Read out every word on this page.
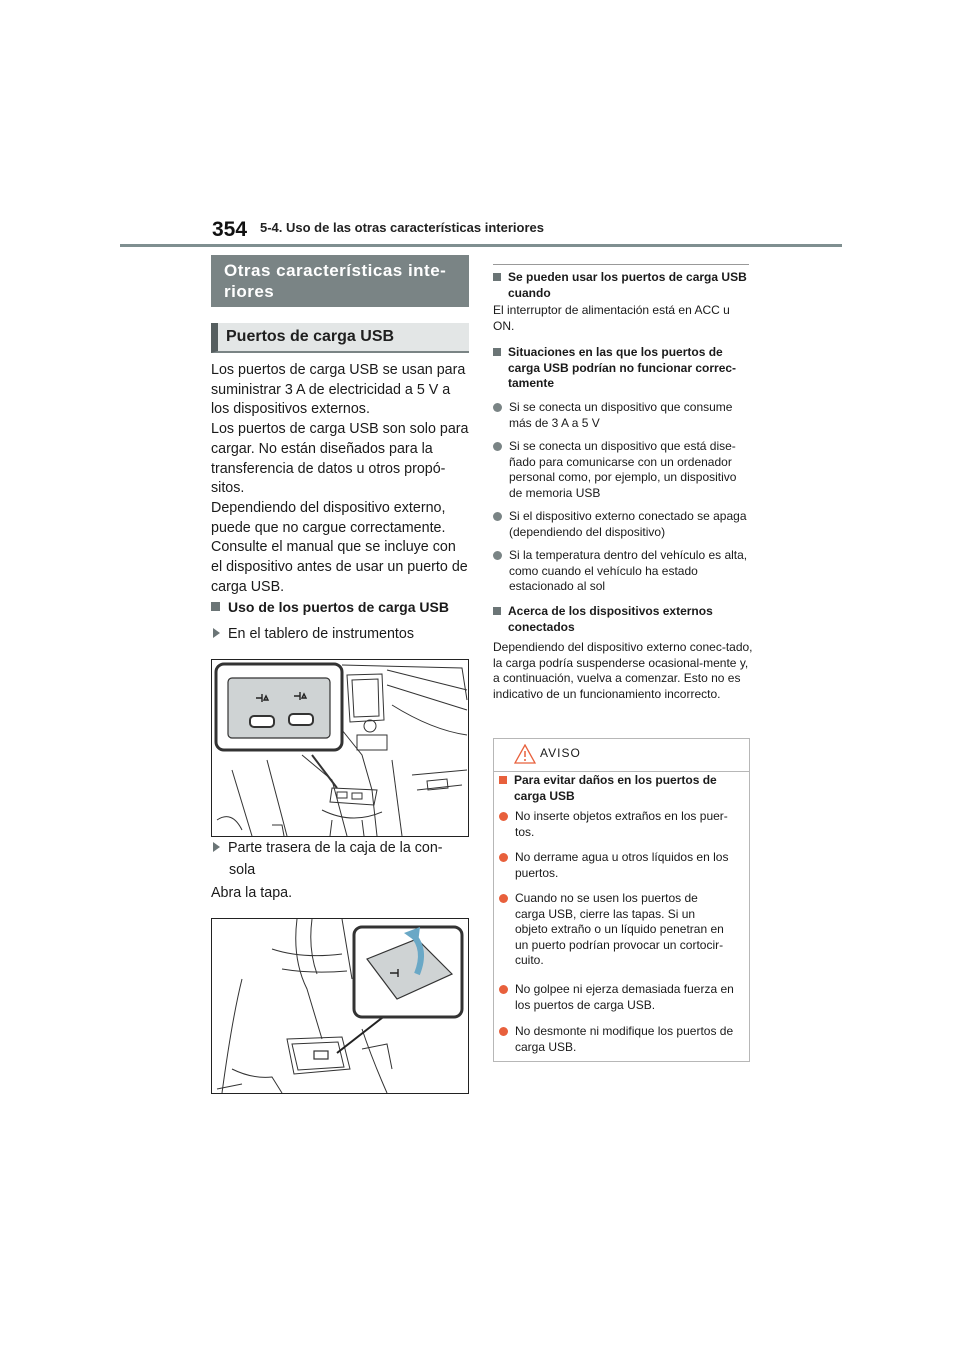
354 5-4. Uso de las otras características interiores
Otras características inte-riores
Puertos de carga USB

Los puertos de carga USB se usan para suministrar 3 A de electricidad a 5 V a los dispositivos externos.

Los puertos de carga USB son solo para cargar. No están diseñados para la transferencia de datos u otros propó-sitos.

Dependiendo del dispositivo externo, puede que no cargue correctamente. Consulte el manual que se incluye con el dispositivo antes de usar un puerto de carga USB.

Uso de los puertos de carga USB
En el tablero de instrumentos
Parte trasera de la caja de la con-
sola
Abra la tapa.
Se pueden usar los puertos de carga USB cuando
El interruptor de alimentación está en ACC u ON.
Situaciones en las que los puertos de carga USB podrían no funcionar correc-tamente
Si se conecta un dispositivo que consume más de 3 A a 5 V
Si se conecta un dispositivo que está dise-ñado para comunicarse con un ordenador personal como, por ejemplo, un dispositivo de memoria USB
Si el dispositivo externo conectado se apaga (dependiendo del dispositivo)
Si la temperatura dentro del vehículo es alta, como cuando el vehículo ha estado estacionado al sol
Acerca de los dispositivos externos conectados
Dependiendo del dispositivo externo conec-tado, la carga podría suspenderse ocasional-mente y, a continuación, vuelva a comenzar. Esto no es indicativo de un funcionamiento incorrecto.
AVISO
Para evitar daños en los puertos de carga USB
No inserte objetos extraños en los puer-tos.
No derrame agua u otros líquidos en los puertos.
Cuando no se usen los puertos de carga USB, cierre las tapas. Si un objeto extraño o un líquido penetran en un puerto podrían provocar un cortocir-cuito.
No golpee ni ejerza demasiada fuerza en los puertos de carga USB.
No desmonte ni modifique los puertos de carga USB.
